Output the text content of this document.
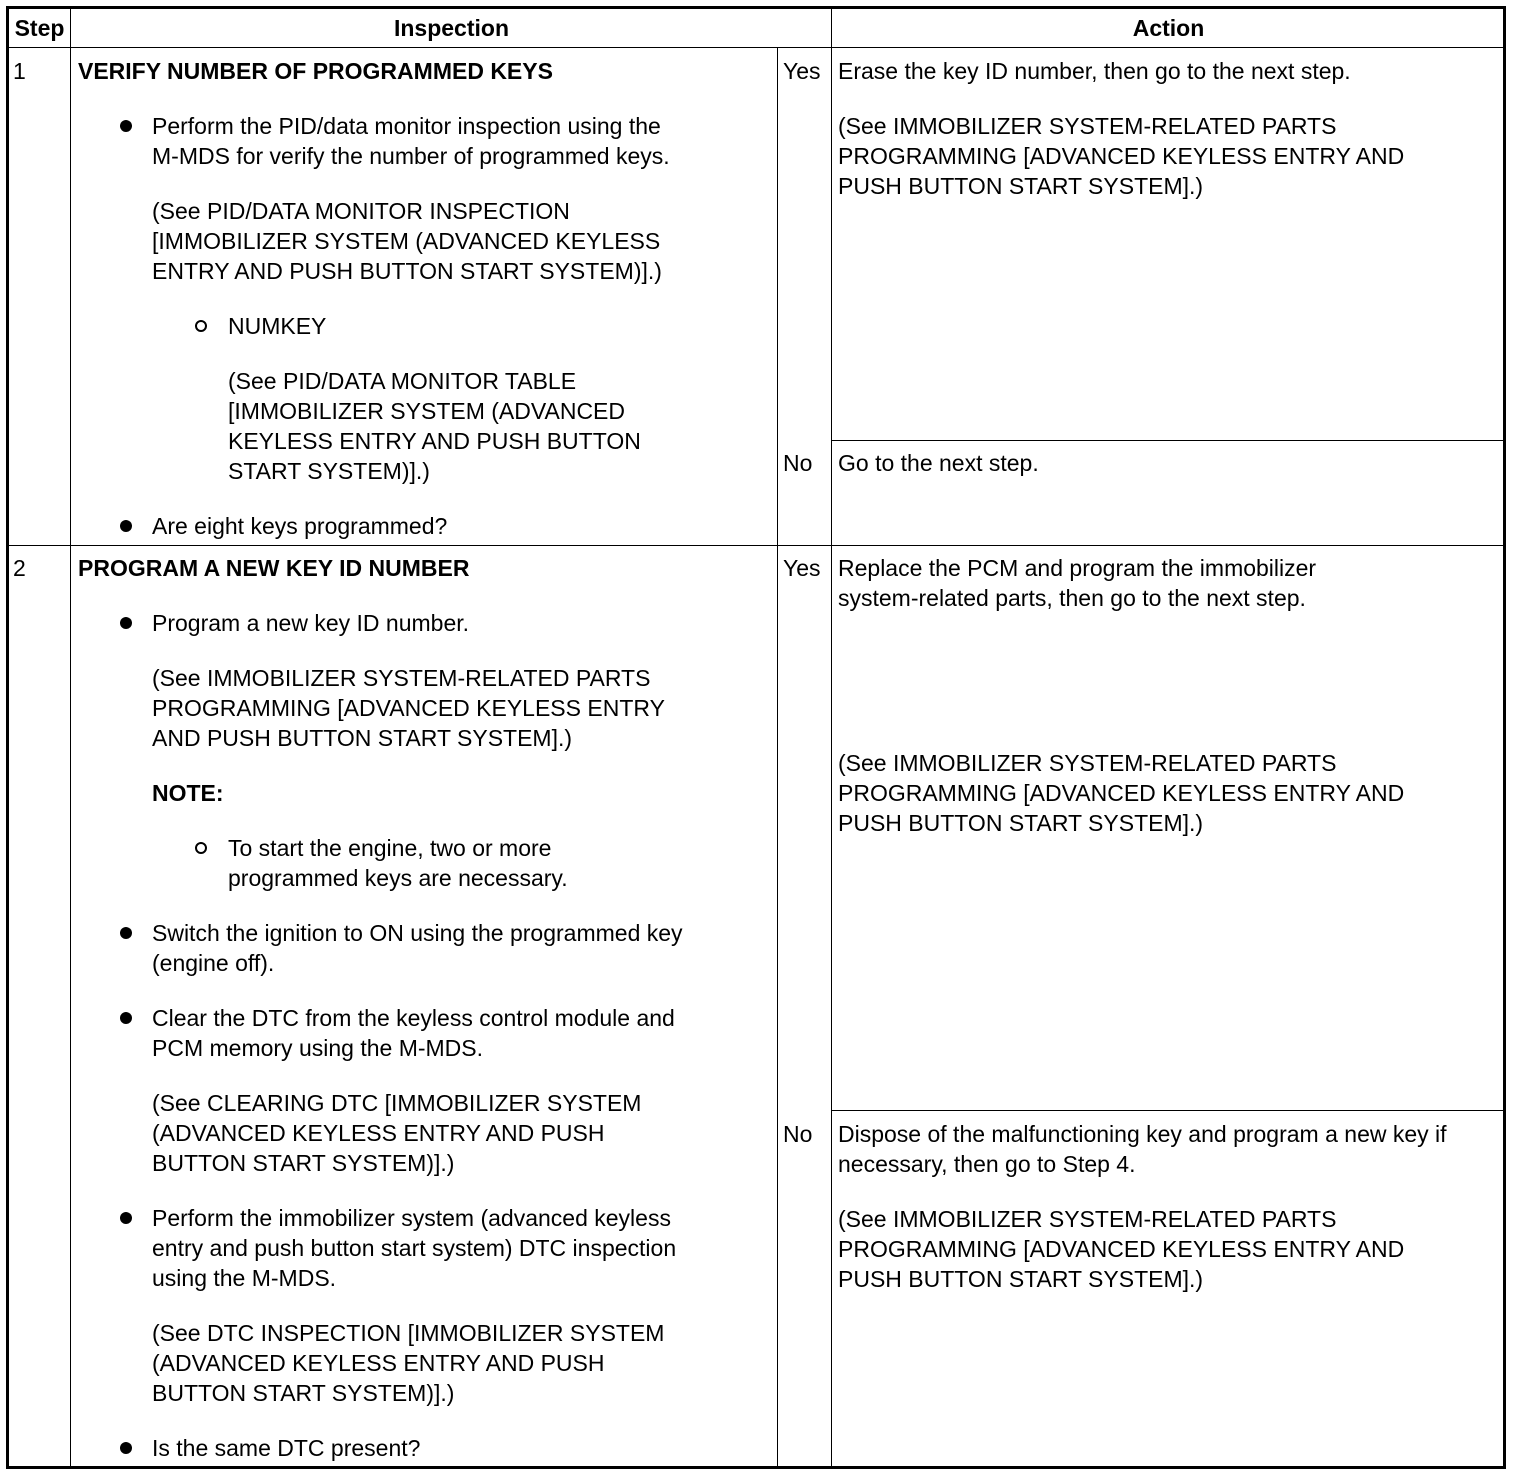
Step	Inspection	Action
1 VERIFY NUMBER OF PROGRAMMED KEYS
Perform the PID/data monitor inspection using the
M-MDS for verify the number of programmed keys.
(See PID/DATA MONITOR INSPECTION
[IMMOBILIZER SYSTEM (ADVANCED KEYLESS
ENTRY AND PUSH BUTTON START SYSTEM)].)
NUMKEY
(See PID/DATA MONITOR TABLE
[IMMOBILIZER SYSTEM (ADVANCED
KEYLESS ENTRY AND PUSH BUTTON
START SYSTEM)].)
Are eight keys programmed?
Yes Erase the key ID number, then go to the next step.
(See IMMOBILIZER SYSTEM-RELATED PARTS
PROGRAMMING [ADVANCED KEYLESS ENTRY AND
PUSH BUTTON START SYSTEM].)
No Go to the next step.
2 PROGRAM A NEW KEY ID NUMBER
Program a new key ID number.
(See IMMOBILIZER SYSTEM-RELATED PARTS
PROGRAMMING [ADVANCED KEYLESS ENTRY
AND PUSH BUTTON START SYSTEM].)
NOTE:
To start the engine, two or more
programmed keys are necessary.
Switch the ignition to ON using the programmed key
(engine off).
Clear the DTC from the keyless control module and
PCM memory using the M-MDS.
(See CLEARING DTC [IMMOBILIZER SYSTEM
(ADVANCED KEYLESS ENTRY AND PUSH
BUTTON START SYSTEM)].)
Perform the immobilizer system (advanced keyless
entry and push button start system) DTC inspection
using the M-MDS.
(See DTC INSPECTION [IMMOBILIZER SYSTEM
(ADVANCED KEYLESS ENTRY AND PUSH
BUTTON START SYSTEM)].)
Is the same DTC present?
Yes Replace the PCM and program the immobilizer
system-related parts, then go to the next step.
(See IMMOBILIZER SYSTEM-RELATED PARTS
PROGRAMMING [ADVANCED KEYLESS ENTRY AND
PUSH BUTTON START SYSTEM].)
No Dispose of the malfunctioning key and program a new key if
necessary, then go to Step 4.
(See IMMOBILIZER SYSTEM-RELATED PARTS
PROGRAMMING [ADVANCED KEYLESS ENTRY AND
PUSH BUTTON START SYSTEM].)
